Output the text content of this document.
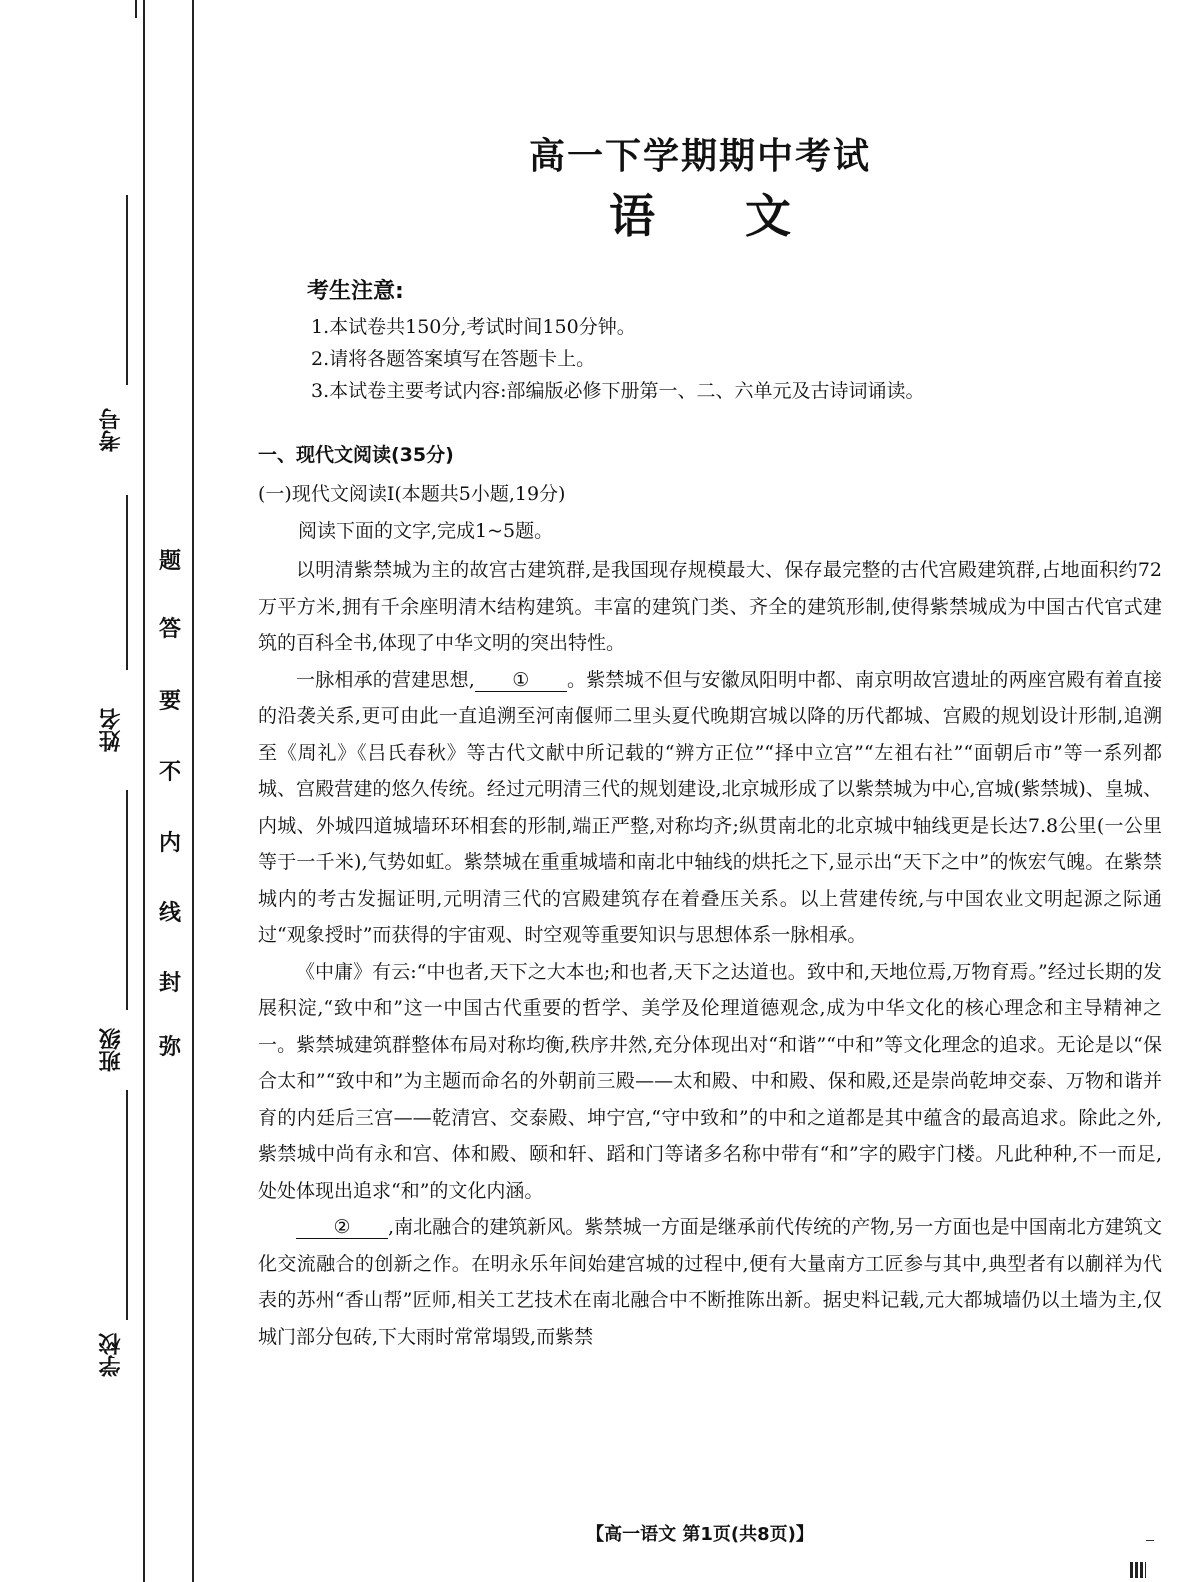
考号
姓名
班级
学校
题
答
要
不
内
线
封
弥
高一下学期期中考试
语文
考生注意:
1.本试卷共150分,考试时间150分钟。
2.请将各题答案填写在答题卡上。
3.本试卷主要考试内容:部编版必修下册第一、二、六单元及古诗词诵读。
一、现代文阅读(35分)
(一)现代文阅读Ⅰ(本题共5小题,19分)
阅读下面的文字,完成1~5题。

以明清紫禁城为主的故宫古建筑群,是我国现存规模最大、保存最完整的古代宫殿建筑群,占地面积约72万平方米,拥有千余座明清木结构建筑。丰富的建筑门类、齐全的建筑形制,使得紫禁城成为中国古代官式建筑的百科全书,体现了中华文明的突出特性。

一脉相承的营建思想, ① 。紫禁城不但与安徽凤阳明中都、南京明故宫遗址的两座宫殿有着直接的沿袭关系,更可由此一直追溯至河南偃师二里头夏代晚期宫城以降的历代都城、宫殿的规划设计形制,追溯至《周礼》《吕氏春秋》等古代文献中所记载的“辨方正位”“择中立宫”“左祖右社”“面朝后市”等一系列都城、宫殿营建的悠久传统。经过元明清三代的规划建设,北京城形成了以紫禁城为中心,宫城(紫禁城)、皇城、内城、外城四道城墙环环相套的形制,端正严整,对称均齐;纵贯南北的北京城中轴线更是长达7.8公里(一公里等于一千米),气势如虹。紫禁城在重重城墙和南北中轴线的烘托之下,显示出“天下之中”的恢宏气魄。在紫禁城内的考古发掘证明,元明清三代的宫殿建筑存在着叠压关系。以上营建传统,与中国农业文明起源之际通过“观象授时”而获得的宇宙观、时空观等重要知识与思想体系一脉相承。

《中庸》有云:“中也者,天下之大本也;和也者,天下之达道也。致中和,天地位焉,万物育焉。”经过长期的发展积淀,“致中和”这一中国古代重要的哲学、美学及伦理道德观念,成为中华文化的核心理念和主导精神之一。紫禁城建筑群整体布局对称均衡,秩序井然,充分体现出对“和谐”“中和”等文化理念的追求。无论是以“保合太和”“致中和”为主题而命名的外朝前三殿——太和殿、中和殿、保和殿,还是崇尚乾坤交泰、万物和谐并育的内廷后三宫——乾清宫、交泰殿、坤宁宫,“守中致和”的中和之道都是其中蕴含的最高追求。除此之外,紫禁城中尚有永和宫、体和殿、颐和轩、蹈和门等诸多名称中带有“和”字的殿宇门楼。凡此种种,不一而足,处处体现出追求“和”的文化内涵。

② ,南北融合的建筑新风。紫禁城一方面是继承前代传统的产物,另一方面也是中国南北方建筑文化交流融合的创新之作。在明永乐年间始建宫城的过程中,便有大量南方工匠参与其中,典型者有以蒯祥为代表的苏州“香山帮”匠师,相关工艺技术在南北融合中不断推陈出新。据史料记载,元大都城墙仍以土墙为主,仅城门部分包砖,下大雨时常常塌毁,而紫禁

【高一语文 第1页(共8页)】
